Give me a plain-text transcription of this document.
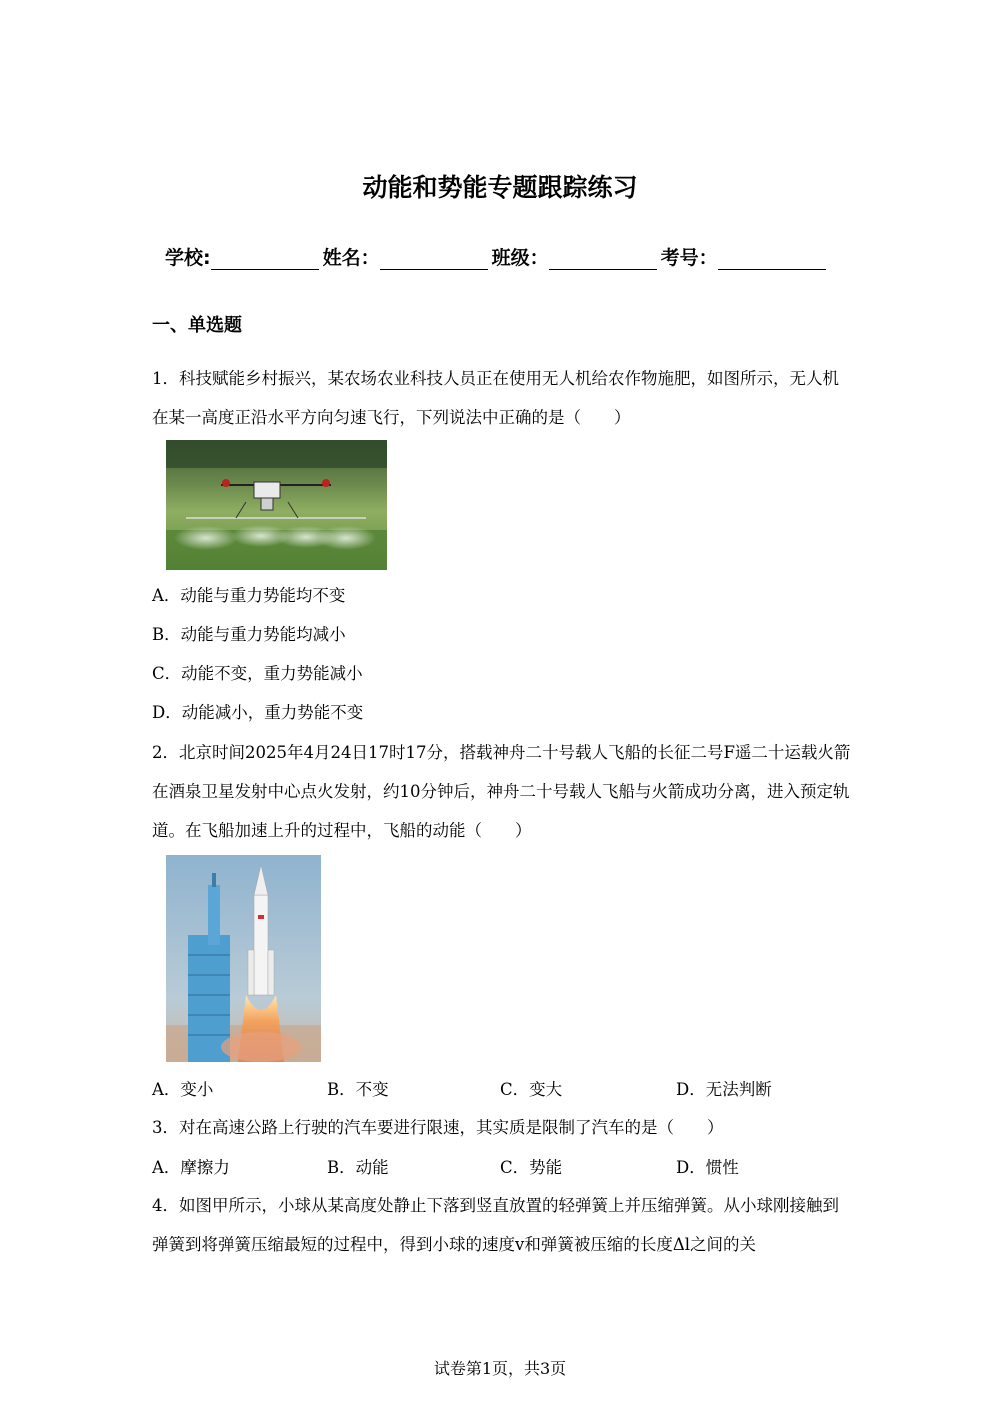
动能和势能专题跟踪练习
学校:	姓名：	班级：	考号：
一、单选题
1．科技赋能乡村振兴，某农场农业科技人员正在使用无人机给农作物施肥，如图所示，无人机在某一高度正沿水平方向匀速飞行，下列说法中正确的是（　　）
A．动能与重力势能均不变
B．动能与重力势能均减小
C．动能不变，重力势能减小
D．动能减小，重力势能不变
2．北京时间2025年4月24日17时17分，搭载神舟二十号载人飞船的长征二号F遥二十运载火箭在酒泉卫星发射中心点火发射，约10分钟后，神舟二十号载人飞船与火箭成功分离，进入预定轨道。在飞船加速上升的过程中，飞船的动能（　　）
A．变小	B．不变	C．变大	D．无法判断
3．对在高速公路上行驶的汽车要进行限速，其实质是限制了汽车的是（　　）
A．摩擦力	B．动能	C．势能	D．惯性
4．如图甲所示，小球从某高度处静止下落到竖直放置的轻弹簧上并压缩弹簧。从小球刚接触到弹簧到将弹簧压缩最短的过程中，得到小球的速度v和弹簧被压缩的长度Δl之间的关
试卷第1页，共3页
